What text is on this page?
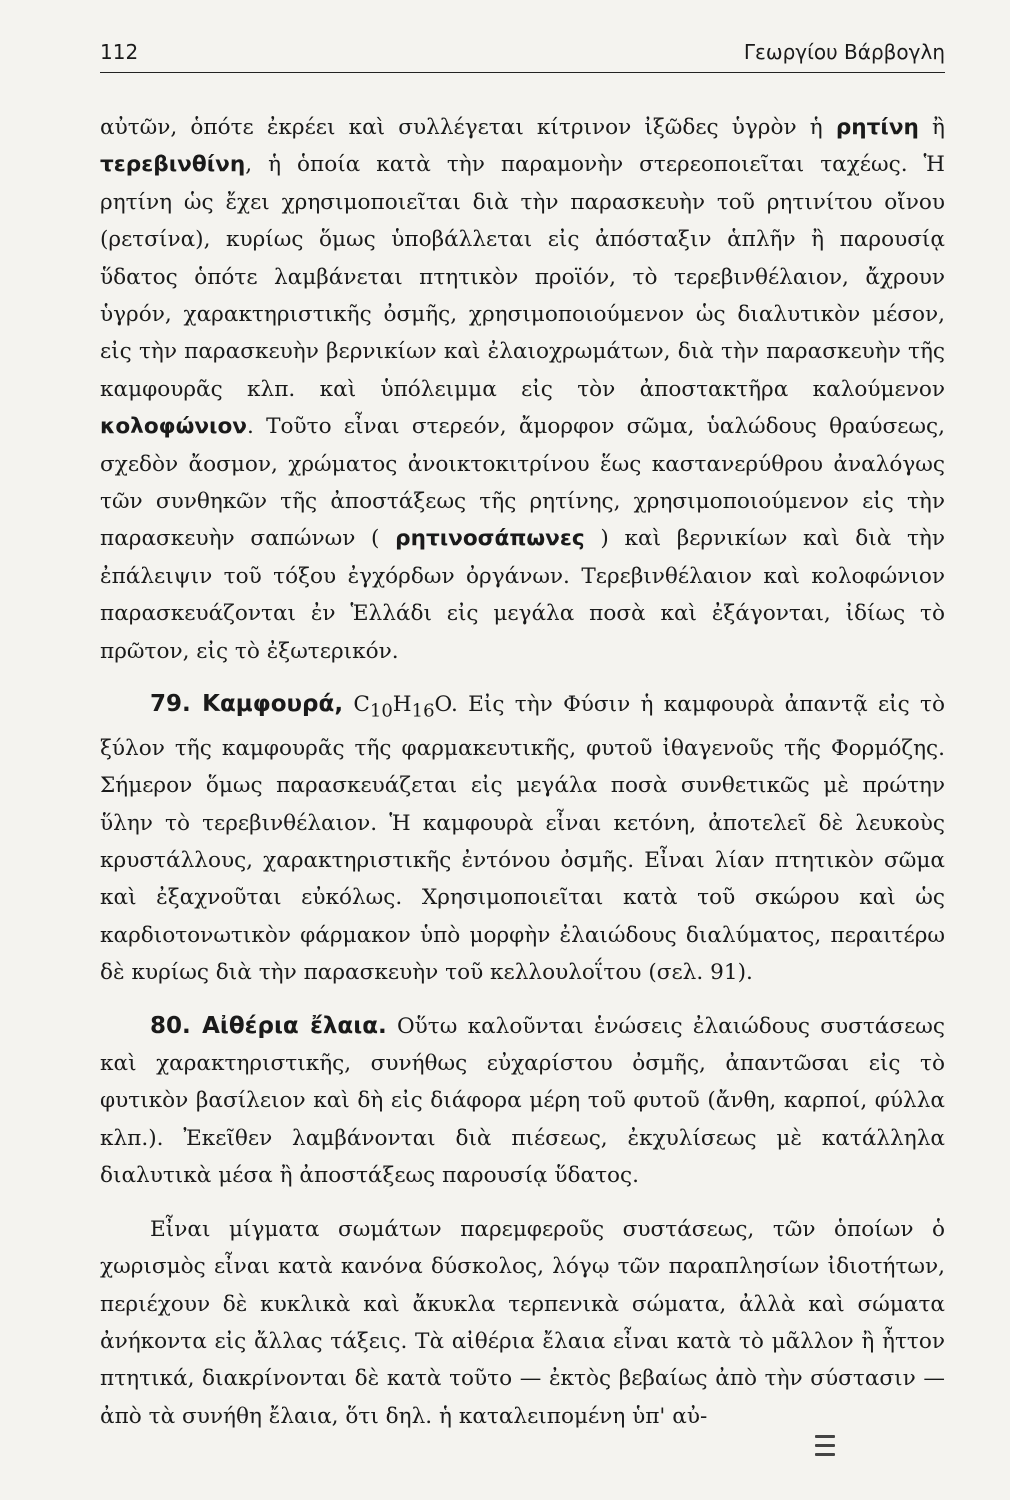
112	Γεωργίου Βάρβογλη

αὐτῶν, ὁπότε ἐκρέει καὶ συλλέγεται κίτρινον ἰξῶδες ὑγρὸν ἡ ρητίνη ἢ τερεβινθίνη, ἡ ὁποία κατὰ τὴν παραμονὴν στερεοποιεῖται ταχέως. Ἡ ρητίνη ὡς ἔχει χρησιμοποιεῖται διὰ τὴν παρασκευὴν τοῦ ρητινίτου οἴνου (ρετσίνα), κυρίως ὅμως ὑποβάλλεται εἰς ἀπόσταξιν ἁπλῆν ἢ παρουσίᾳ ὕδατος ὁπότε λαμβάνεται πτητικὸν προϊόν, τὸ τερεβινθέλαιον, ἄχρουν ὑγρόν, χαρακτηριστικῆς ὀσμῆς, χρησιμοποιούμενον ὡς διαλυτικὸν μέσον, εἰς τὴν παρασκευὴν βερνικίων καὶ ἐλαιοχρωμάτων, διὰ τὴν παρασκευὴν τῆς καμφουρᾶς κλπ. καὶ ὑπόλειμμα εἰς τὸν ἀποστακτῆρα καλούμενον κολοφώνιον. Τοῦτο εἶναι στερεόν, ἄμορφον σῶμα, ὑαλώδους θραύσεως, σχεδὸν ἄοσμον, χρώματος ἀνοικτοκιτρίνου ἕως καστανερύθρου ἀναλόγως τῶν συνθηκῶν τῆς ἀποστάξεως τῆς ρητίνης, χρησιμοποιούμενον εἰς τὴν παρασκευὴν σαπώνων ( ρητινοσάπωνες ) καὶ βερνικίων καὶ διὰ τὴν ἐπάλειψιν τοῦ τόξου ἐγχόρδων ὀργάνων. Τερεβινθέλαιον καὶ κολοφώνιον παρασκευάζονται ἐν Ἑλλάδι εἰς μεγάλα ποσὰ καὶ ἐξάγονται, ἰδίως τὸ πρῶτον, εἰς τὸ ἐξωτερικόν.

79. Καμφουρά, $C_{10}H_{16}O$. Εἰς τὴν Φύσιν ἡ καμφουρὰ ἀπαντᾷ εἰς τὸ ξύλον τῆς καμφουρᾶς τῆς φαρμακευτικῆς, φυτοῦ ἰθαγενοῦς τῆς Φορμόζης. Σήμερον ὅμως παρασκευάζεται εἰς μεγάλα ποσὰ συνθετικῶς μὲ πρώτην ὕλην τὸ τερεβινθέλαιον. Ἡ καμφουρὰ εἶναι κετόνη, ἀποτελεῖ δὲ λευκοὺς κρυστάλλους, χαρακτηριστικῆς ἐντόνου ὀσμῆς. Εἶναι λίαν πτητικὸν σῶμα καὶ ἐξαχνοῦται εὐκόλως. Χρησιμοποιεῖται κατὰ τοῦ σκώρου καὶ ὡς καρδιοτονωτικὸν φάρμακον ὑπὸ μορφὴν ἐλαιώδους διαλύματος, περαιτέρω δὲ κυρίως διὰ τὴν παρασκευὴν τοῦ κελλουλοΐτου (σελ. 91).

80. Αἰθέρια ἔλαια. Οὕτω καλοῦνται ἑνώσεις ἐλαιώδους συστάσεως καὶ χαρακτηριστικῆς, συνήθως εὐχαρίστου ὀσμῆς, ἀπαντῶσαι εἰς τὸ φυτικὸν βασίλειον καὶ δὴ εἰς διάφορα μέρη τοῦ φυτοῦ (ἄνθη, καρποί, φύλλα κλπ.). Ἐκεῖθεν λαμβάνονται διὰ πιέσεως, ἐκχυλίσεως μὲ κατάλληλα διαλυτικὰ μέσα ἢ ἀποστάξεως παρουσίᾳ ὕδατος.

Εἶναι μίγματα σωμάτων παρεμφεροῦς συστάσεως, τῶν ὁποίων ὁ χωρισμὸς εἶναι κατὰ κανόνα δύσκολος, λόγῳ τῶν παραπλησίων ἰδιοτήτων, περιέχουν δὲ κυκλικὰ καὶ ἄκυκλα τερπενικὰ σώματα, ἀλλὰ καὶ σώματα ἀνήκοντα εἰς ἄλλας τάξεις. Τὰ αἰθέρια ἔλαια εἶναι κατὰ τὸ μᾶλλον ἢ ἧττον πτητικά, διακρίνονται δὲ κατὰ τοῦτο — ἐκτὸς βεβαίως ἀπὸ τὴν σύστασιν — ἀπὸ τὰ συνήθη ἔλαια, ὅτι δηλ. ἡ καταλειπομένη ὑπ' αὐ-
